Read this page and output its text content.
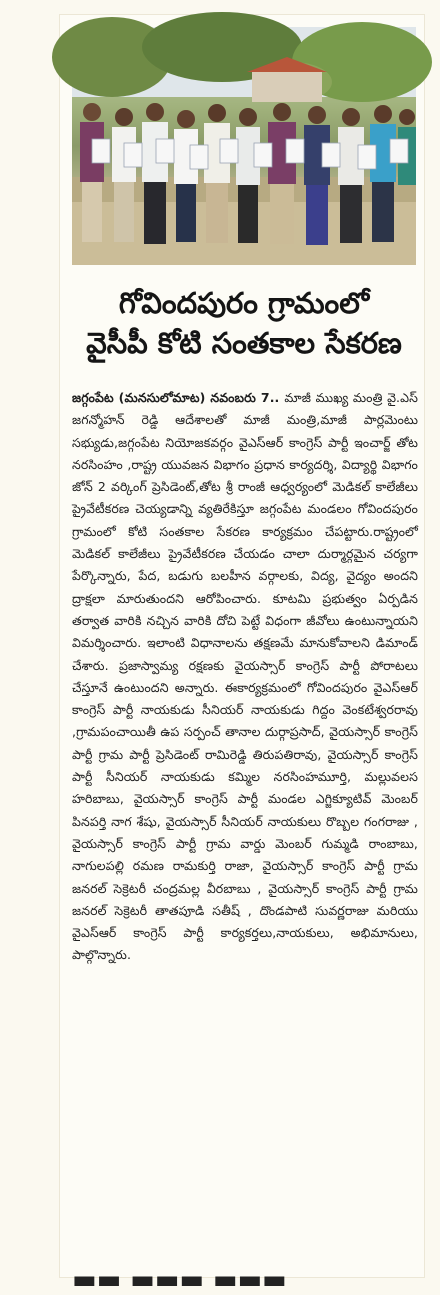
గోవిందపురం గ్రామంలో
వైసీపీ కోటి సంతకాల సేకరణ
జగ్గంపేట (మనసులోమాట) నవంబరు 7.. మాజీ ముఖ్య మంత్రి వై.ఎస్ జగన్మోహన్ రెడ్డి ఆదేశాలతో మాజీ మంత్రి,మాజీ పార్లమెంటు సభ్యుడు,జగ్గంపేట నియోజకవర్గం వైఎస్ఆర్ కాంగ్రెస్ పార్టీ ఇంచార్జ్ తోట నరసింహం ,రాష్ట్ర యువజన విభాగం ప్రధాన కార్యదర్శి, విద్యార్థి విభాగం జోన్ 2 వర్కింగ్ ప్రెసిడెంట్,తోట శ్రీ రాంజీ ఆధ్వర్యంలో మెడికల్ కాలేజీలు ప్రైవేటీకరణ చెయ్యడాన్ని వ్యతిరేకిస్తూ జగ్గంపేట మండలం గోవిందపురం గ్రామంలో కోటి సంతకాల సేకరణ కార్యక్రమం చేపట్టారు.రాష్ట్రంలో మెడికల్ కాలేజీలు ప్రైవేటీకరణ చేయడం చాలా దుర్మార్గమైన చర్యగా పేర్కొన్నారు, పేద, బడుగు బలహీన వర్గాలకు, విద్య, వైద్యం అందని ద్రాక్షలా మారుతుందని ఆరోపించారు. కూటమి ప్రభుత్వం ఏర్పడిన తర్వాత వారికి నచ్చిన వారికి దోచి పెట్టే విధంగా జీవోలు ఉంటున్నాయని విమర్శించారు. ఇలాంటి విధానాలను తక్షణమే మానుకోవాలని డిమాండ్ చేశారు. ప్రజాస్వామ్య రక్షణకు వైయస్సార్ కాంగ్రెస్ పార్టీ పోరాటలు చేస్తూనే ఉంటుందని అన్నారు. ఈకార్యక్రమంలో గోవిందపురం వైఎస్ఆర్ కాంగ్రెస్ పార్టీ నాయకుడు సీనియర్ నాయకుడు గిద్దం వెంకటేశ్వరరావు ,గ్రామపంచాయితీ ఉప సర్పంచ్ తానాల దుర్గాప్రసాద్, వైయస్సార్ కాంగ్రెస్ పార్టీ గ్రామ పార్టీ ప్రెసిడెంట్ రామిరెడ్డి తిరుపతిరావు, వైయస్సార్ కాంగ్రెస్ పార్టీ సీనియర్ నాయకుడు కమ్మిల నరసింహమూర్తి, మల్లువలస హరిబాబు, వైయస్సార్ కాంగ్రెస్ పార్టీ మండల ఎగ్జిక్యూటివ్ మెంబర్ పినపర్తి నాగ శేషు, వైయస్సార్ సీనియర్ నాయకులు రొబ్బల గంగరాజు , వైయస్సార్ కాంగ్రెస్ పార్టీ గ్రామ వార్డు మెంబర్ గుమ్మడి రాంబాబు, నాగులపల్లి రమణ రామకుర్తి రాజా, వైయస్సార్ కాంగ్రెస్ పార్టీ గ్రామ జనరల్ సెక్రెటరీ చంద్రమల్ల వీరబాబు , వైయస్సార్ కాంగ్రెస్ పార్టీ గ్రామ జనరల్ సెక్రెటరీ తాతపూడి సతీష్ , దొండపాటి సువర్ణరాజు మరియు వైఎస్ఆర్ కాంగ్రెస్ పార్టీ కార్యకర్తలు,నాయకులు, అభిమానులు, పాల్గొన్నారు.
▬▬ ▬▬▬ ▬▬▬
